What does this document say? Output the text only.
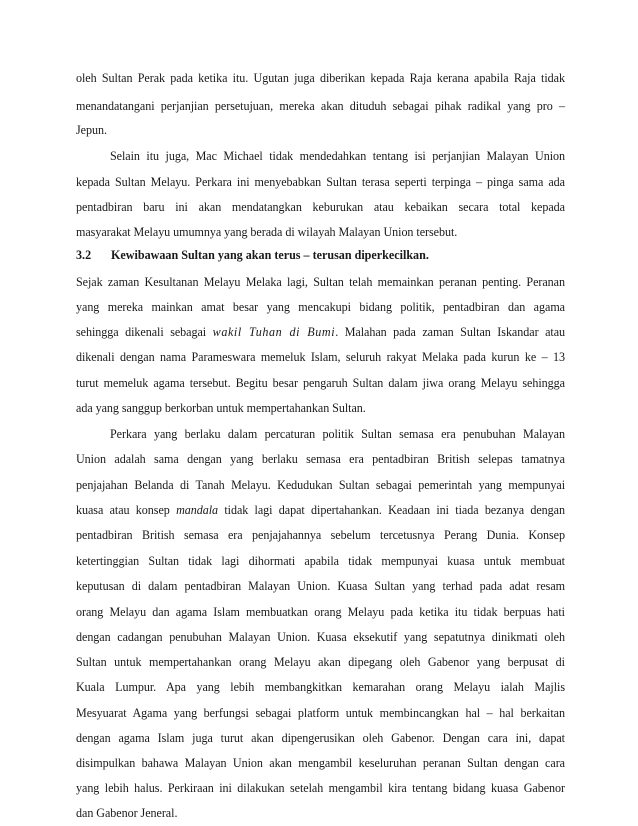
oleh Sultan Perak pada ketika itu. Ugutan juga diberikan kepada Raja kerana apabila Raja tidak
menandatangani perjanjian persetujuan, mereka akan dituduh sebagai pihak radikal yang pro –
Jepun.
Selain itu juga, Mac Michael tidak mendedahkan tentang isi perjanjian Malayan Union
kepada Sultan Melayu. Perkara ini menyebabkan Sultan terasa seperti terpinga – pinga sama ada
pentadbiran baru ini akan mendatangkan keburukan atau kebaikan secara total kepada
masyarakat Melayu umumnya yang berada di wilayah Malayan Union tersebut.
3.2 Kewibawaan Sultan yang akan terus – terusan diperkecilkan.
Sejak zaman Kesultanan Melayu Melaka lagi, Sultan telah memainkan peranan penting. Peranan
yang mereka mainkan amat besar yang mencakupi bidang politik, pentadbiran dan agama
sehingga dikenali sebagai wakil Tuhan di Bumi. Malahan pada zaman Sultan Iskandar atau
dikenali dengan nama Parameswara memeluk Islam, seluruh rakyat Melaka pada kurun ke – 13
turut memeluk agama tersebut. Begitu besar pengaruh Sultan dalam jiwa orang Melayu sehingga
ada yang sanggup berkorban untuk mempertahankan Sultan.
Perkara yang berlaku dalam percaturan politik Sultan semasa era penubuhan Malayan
Union adalah sama dengan yang berlaku semasa era pentadbiran British selepas tamatnya
penjajahan Belanda di Tanah Melayu. Kedudukan Sultan sebagai pemerintah yang mempunyai
kuasa atau konsep mandala tidak lagi dapat dipertahankan. Keadaan ini tiada bezanya dengan
pentadbiran British semasa era penjajahannya sebelum tercetusnya Perang Dunia. Konsep
ketertinggian Sultan tidak lagi dihormati apabila tidak mempunyai kuasa untuk membuat
keputusan di dalam pentadbiran Malayan Union. Kuasa Sultan yang terhad pada adat resam
orang Melayu dan agama Islam membuatkan orang Melayu pada ketika itu tidak berpuas hati
dengan cadangan penubuhan Malayan Union. Kuasa eksekutif yang sepatutnya dinikmati oleh
Sultan untuk mempertahankan orang Melayu akan dipegang oleh Gabenor yang berpusat di
Kuala Lumpur. Apa yang lebih membangkitkan kemarahan orang Melayu ialah Majlis
Mesyuarat Agama yang berfungsi sebagai platform untuk membincangkan hal – hal berkaitan
dengan agama Islam juga turut akan dipengerusikan oleh Gabenor. Dengan cara ini, dapat
disimpulkan bahawa Malayan Union akan mengambil keseluruhan peranan Sultan dengan cara
yang lebih halus. Perkiraan ini dilakukan setelah mengambil kira tentang bidang kuasa Gabenor
dan Gabenor Jeneral.
